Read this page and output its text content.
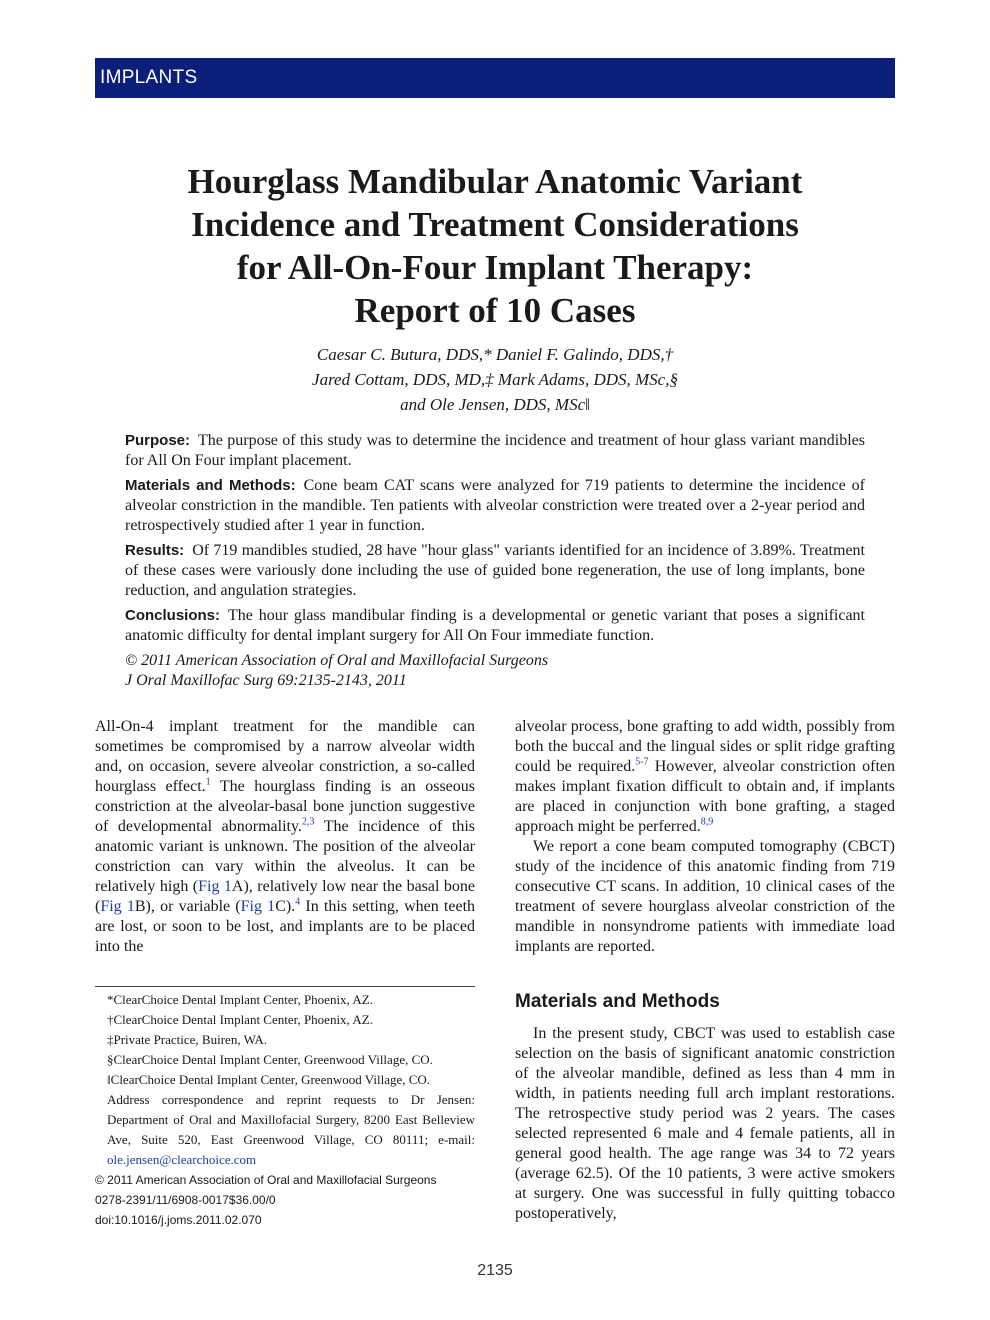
IMPLANTS
Hourglass Mandibular Anatomic Variant
Incidence and Treatment Considerations
for All-On-Four Implant Therapy:
Report of 10 Cases
Caesar C. Butura, DDS,* Daniel F. Galindo, DDS,†
Jared Cottam, DDS, MD,‡ Mark Adams, DDS, MSc,§
and Ole Jensen, DDS, MSc‖

Purpose: The purpose of this study was to determine the incidence and treatment of hour glass variant mandibles for All On Four implant placement.

Materials and Methods: Cone beam CAT scans were analyzed for 719 patients to determine the incidence of alveolar constriction in the mandible. Ten patients with alveolar constriction were treated over a 2-year period and retrospectively studied after 1 year in function.

Results: Of 719 mandibles studied, 28 have "hour glass" variants identified for an incidence of 3.89%. Treatment of these cases were variously done including the use of guided bone regeneration, the use of long implants, bone reduction, and angulation strategies.

Conclusions: The hour glass mandibular finding is a developmental or genetic variant that poses a significant anatomic difficulty for dental implant surgery for All On Four immediate function.

© 2011 American Association of Oral and Maxillofacial Surgeons

J Oral Maxillofac Surg 69:2135-2143, 2011

All-On-4 implant treatment for the mandible can sometimes be compromised by a narrow alveolar width and, on occasion, severe alveolar constriction, a so-called hourglass effect.$^1$ The hourglass finding is an osseous constriction at the alveolar-basal bone junction suggestive of developmental abnormality.$^{2,3}$ The incidence of this anatomic variant is unknown. The position of the alveolar constriction can vary within the alveolus. It can be relatively high (Fig 1A), relatively low near the basal bone (Fig 1B), or variable (Fig 1C).$^4$ In this setting, when teeth are lost, or soon to be lost, and implants are to be placed into the

*ClearChoice Dental Implant Center, Phoenix, AZ.

†ClearChoice Dental Implant Center, Phoenix, AZ.

‡Private Practice, Buiren, WA.

§ClearChoice Dental Implant Center, Greenwood Village, CO.

‖ClearChoice Dental Implant Center, Greenwood Village, CO.

Address correspondence and reprint requests to Dr Jensen: Department of Oral and Maxillofacial Surgery, 8200 East Belleview Ave, Suite 520, East Greenwood Village, CO 80111; e-mail: ole.jensen@clearchoice.com

© 2011 American Association of Oral and Maxillofacial Surgeons

0278-2391/11/6908-0017$36.00/0

doi:10.1016/j.joms.2011.02.070

alveolar process, bone grafting to add width, possibly from both the buccal and the lingual sides or split ridge grafting could be required.$^{5-7}$ However, alveolar constriction often makes implant fixation difficult to obtain and, if implants are placed in conjunction with bone grafting, a staged approach might be perferred.$^{8,9}$

We report a cone beam computed tomography (CBCT) study of the incidence of this anatomic finding from 719 consecutive CT scans. In addition, 10 clinical cases of the treatment of severe hourglass alveolar constriction of the mandible in nonsyndrome patients with immediate load implants are reported.

Materials and Methods

In the present study, CBCT was used to establish case selection on the basis of significant anatomic constriction of the alveolar mandible, defined as less than 4 mm in width, in patients needing full arch implant restorations. The retrospective study period was 2 years. The cases selected represented 6 male and 4 female patients, all in general good health. The age range was 34 to 72 years (average 62.5). Of the 10 patients, 3 were active smokers at surgery. One was successful in fully quitting tobacco postoperatively,

2135
